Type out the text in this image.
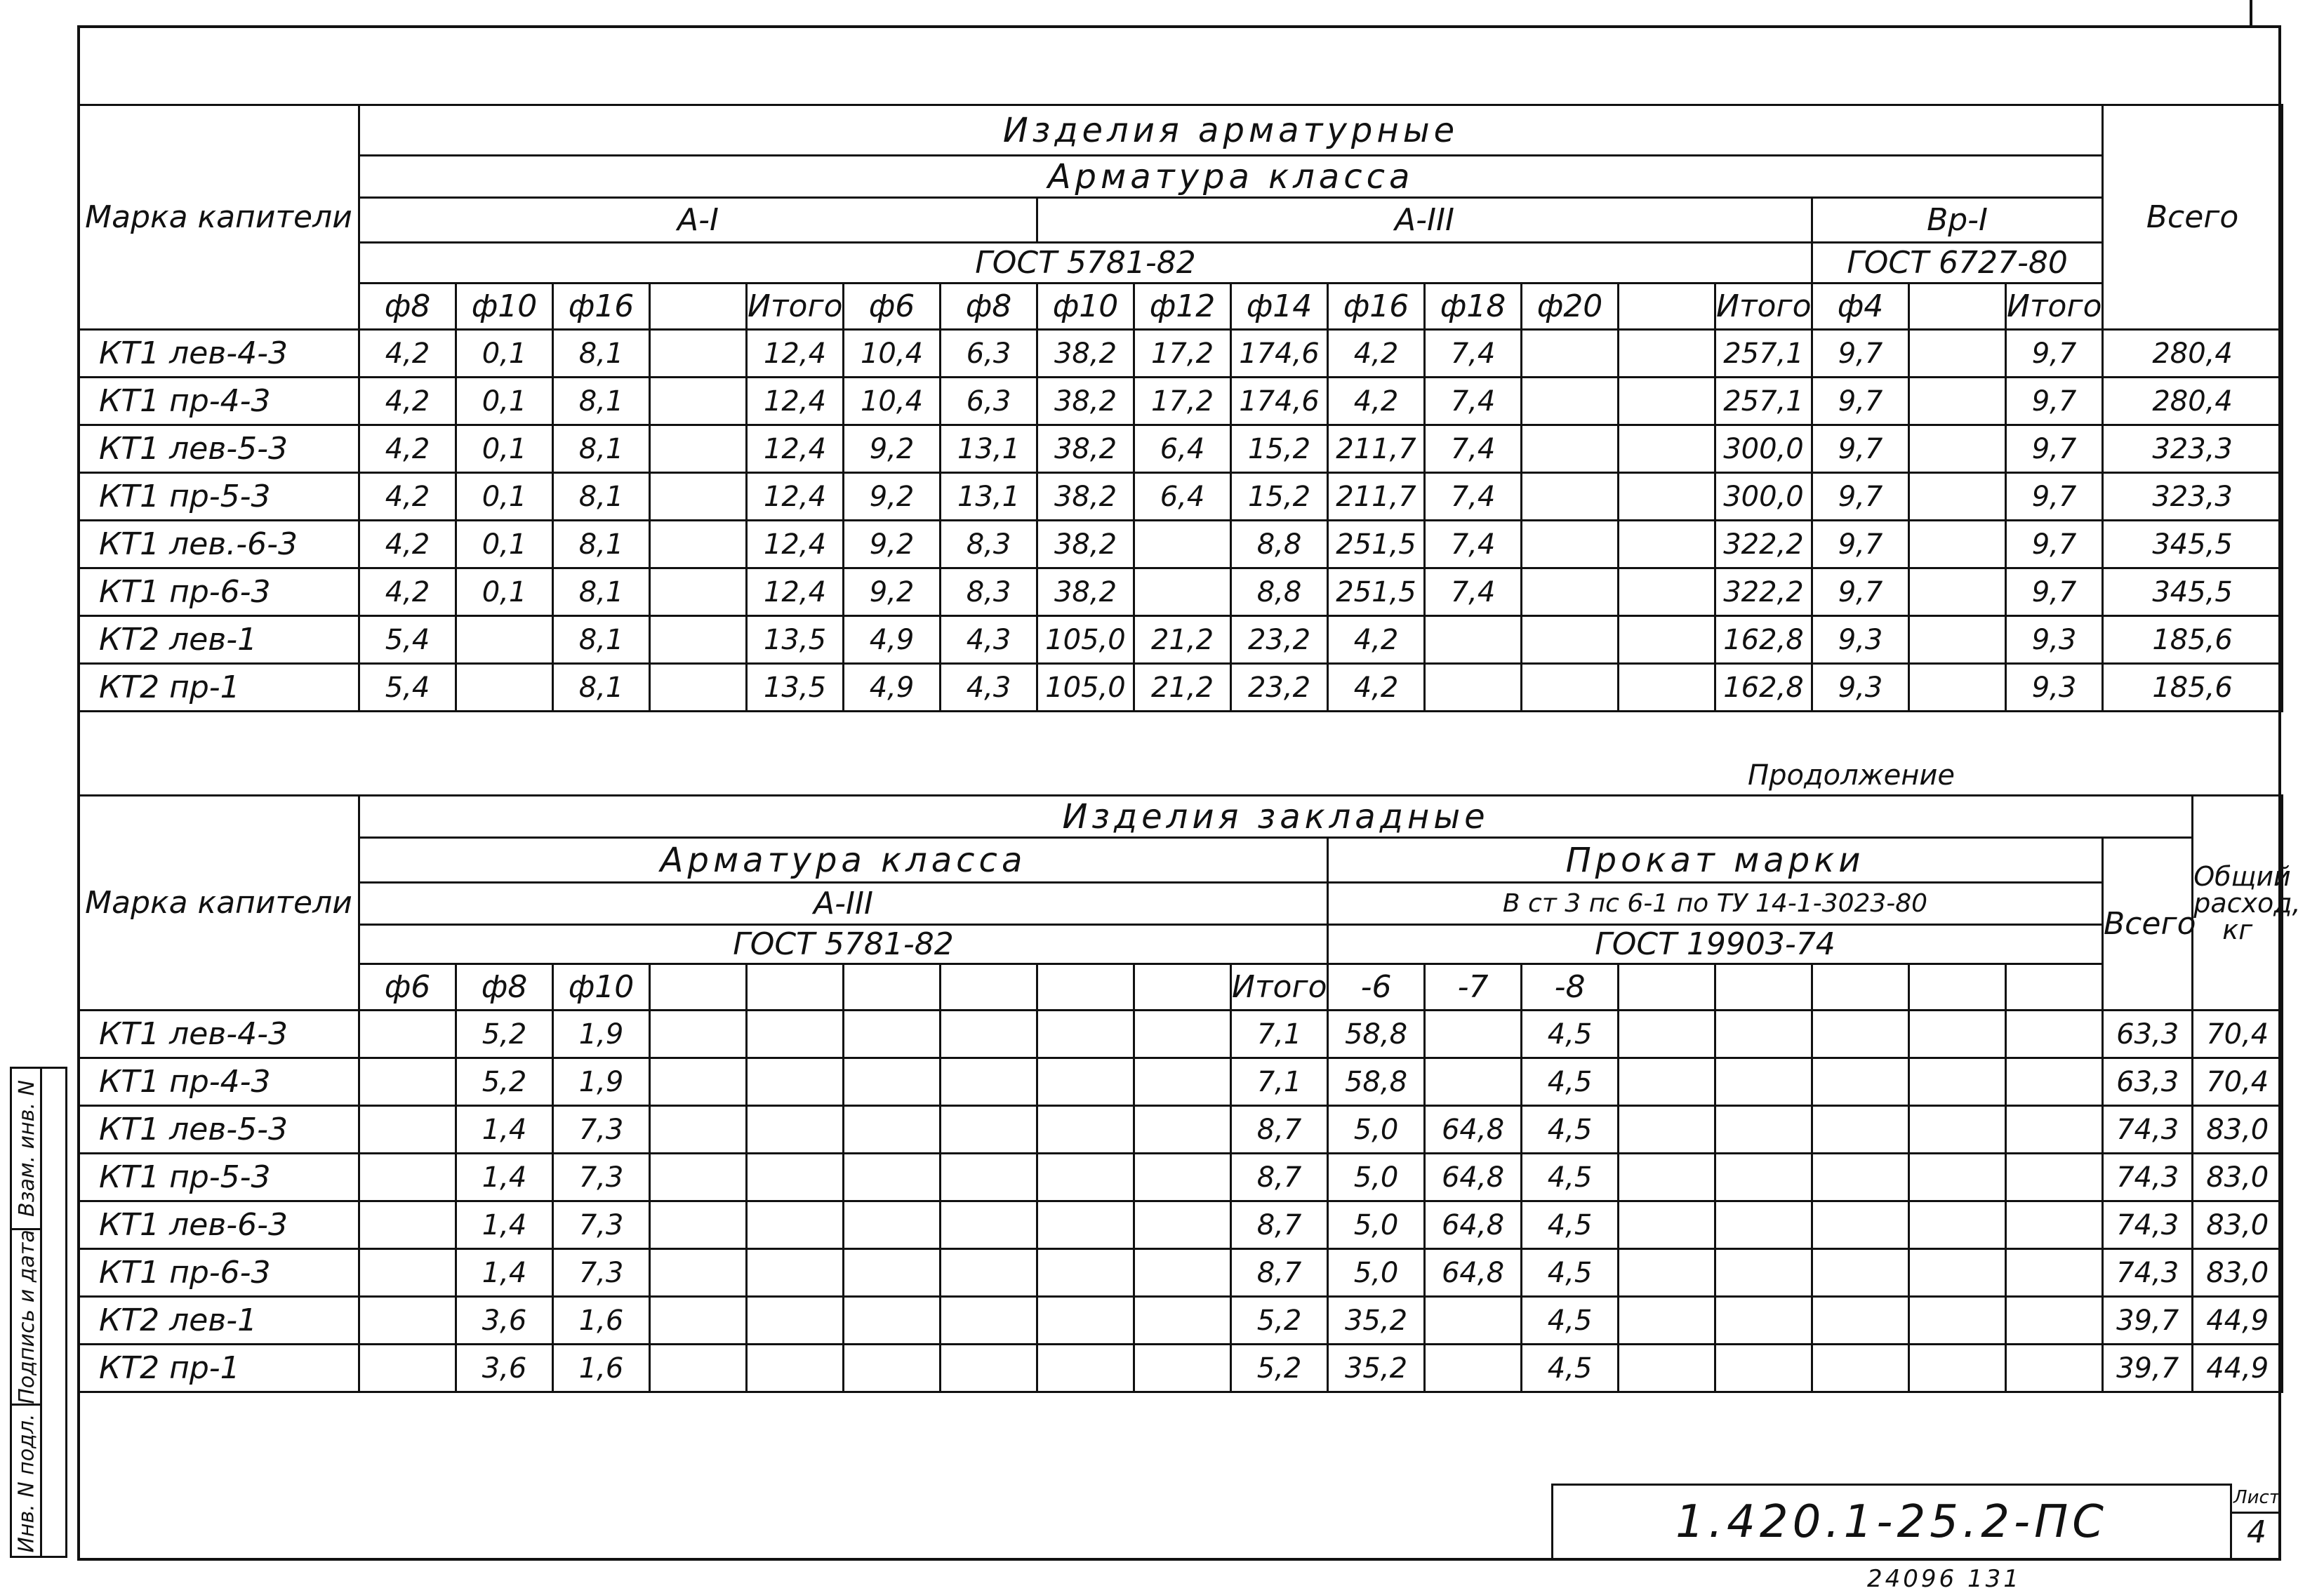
Марка капители	Изделия арматурные																		Всего
	Арматура класса																		
	А-I							А-III								Вр-I			
	ГОСТ 5781-82															ГОСТ 6727-80			
	ф8	ф10	ф16		Итого	ф6	ф8	ф10	ф12	ф14	ф16	ф18	ф20		Итого	ф4		Итого	
КТ1 лев-4-3	4,2	0,1	8,1		12,4	10,4	6,3	38,2	17,2	174,6	4,2	7,4			257,1	9,7		9,7	280,4
КТ1 пр-4-3	4,2	0,1	8,1		12,4	10,4	6,3	38,2	17,2	174,6	4,2	7,4			257,1	9,7		9,7	280,4
КТ1 лев-5-3	4,2	0,1	8,1		12,4	9,2	13,1	38,2	6,4	15,2	211,7	7,4			300,0	9,7		9,7	323,3
КТ1 пр-5-3	4,2	0,1	8,1		12,4	9,2	13,1	38,2	6,4	15,2	211,7	7,4			300,0	9,7		9,7	323,3
КТ1 лев.-6-3	4,2	0,1	8,1		12,4	9,2	8,3	38,2		8,8	251,5	7,4			322,2	9,7		9,7	345,5
КТ1 пр-6-3	4,2	0,1	8,1		12,4	9,2	8,3	38,2		8,8	251,5	7,4			322,2	9,7		9,7	345,5
КТ2 лев-1	5,4		8,1		13,5	4,9	4,3	105,0	21,2	23,2	4,2				162,8	9,3		9,3	185,6
КТ2 пр-1	5,4		8,1		13,5	4,9	4,3	105,0	21,2	23,2	4,2				162,8	9,3		9,3	185,6
Продолжение
Марка капители	Изделия закладные																			Общий расход, кг	
	Арматура класса										Прокат марки								Всего		
	А-III										В ст 3 пс 6-1 по ТУ 14-1-3023-80										
	ГОСТ 5781-82										ГОСТ 19903-74										
	ф6	ф8	ф10							Итого	-6	-7	-8						
КТ1 лев-4-3		5,2	1,9							7,1	58,8		4,5						63,3	70,4	
КТ1 пр-4-3		5,2	1,9							7,1	58,8		4,5						63,3	70,4	
КТ1 лев-5-3		1,4	7,3							8,7	5,0	64,8	4,5						74,3	83,0	
КТ1 пр-5-3		1,4	7,3							8,7	5,0	64,8	4,5						74,3	83,0	
КТ1 лев-6-3		1,4	7,3							8,7	5,0	64,8	4,5						74,3	83,0	
КТ1 пр-6-3		1,4	7,3							8,7	5,0	64,8	4,5						74,3	83,0	
КТ2 лев-1		3,6	1,6							5,2	35,2		4,5						39,7	44,9	
КТ2 пр-1		3,6	1,6							5,2	35,2		4,5						39,7	44,9	
Взам. инв. N
Подпись и дата
Инв. N подл.	1.420.1-25.2-ПС	Лист
4
24096 131
